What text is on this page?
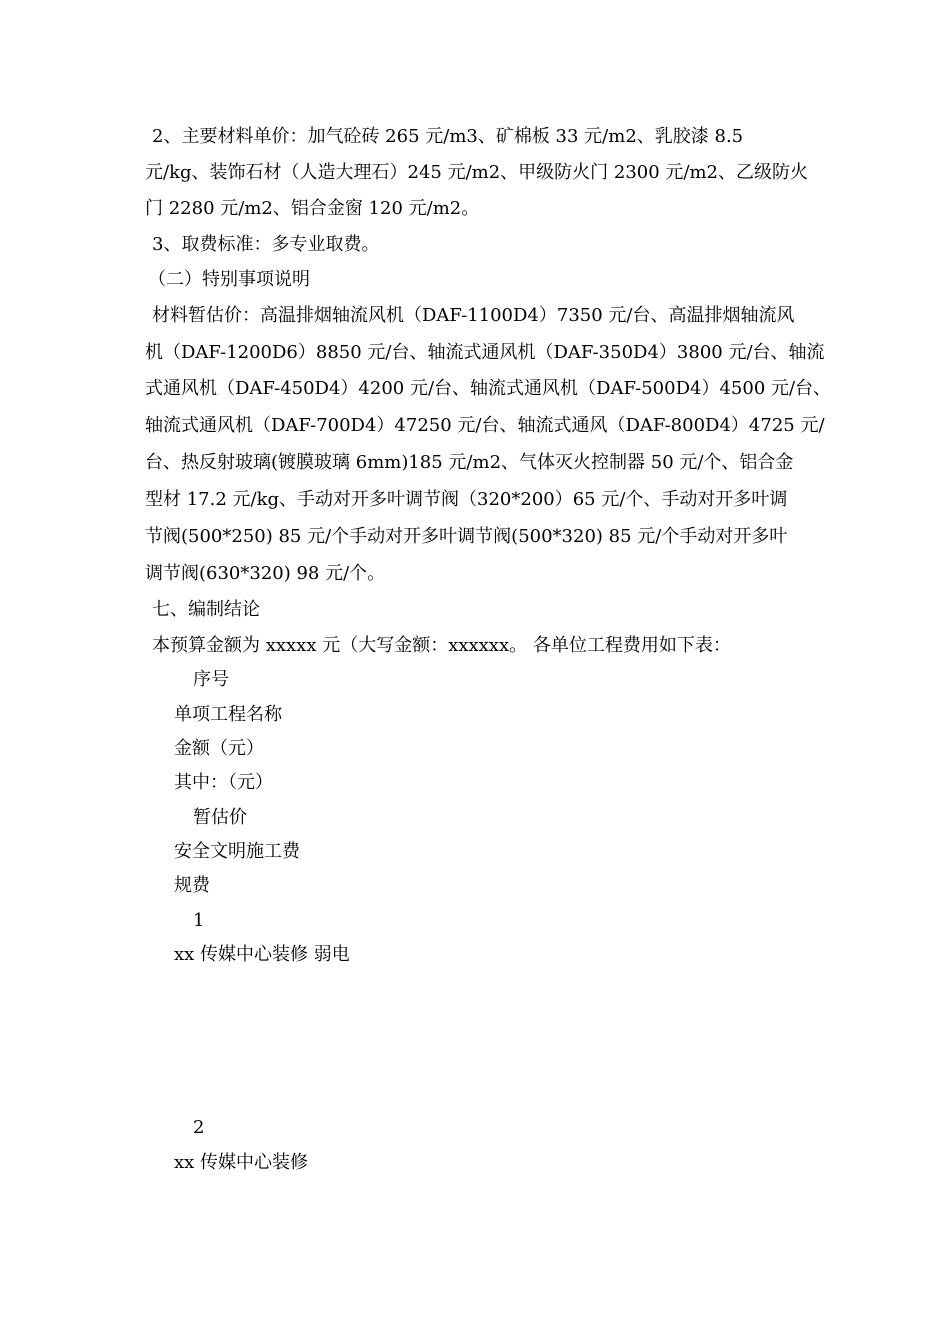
2、主要材料单价：加气砼砖 265 元/m3、矿棉板 33 元/m2、乳胶漆 8.5
元/kg、装饰石材（人造大理石）245 元/m2、甲级防火门 2300 元/m2、乙级防火
门 2280 元/m2、铝合金窗 120 元/m2。
3、取费标准：多专业取费。
（二）特别事项说明
材料暂估价：高温排烟轴流风机（DAF-1100D4）7350 元/台、高温排烟轴流风
机（DAF-1200D6）8850 元/台、轴流式通风机（DAF-350D4）3800 元/台、轴流
式通风机（DAF-450D4）4200 元/台、轴流式通风机（DAF-500D4）4500 元/台、
轴流式通风机（DAF-700D4）47250 元/台、轴流式通风（DAF-800D4）4725 元/
台、热反射玻璃(镀膜玻璃 6mm)185 元/m2、气体灭火控制器 50 元/个、铝合金
型材 17.2 元/kg、手动对开多叶调节阀（320*200）65 元/个、手动对开多叶调
节阀(500*250) 85 元/个手动对开多叶调节阀(500*320) 85 元/个手动对开多叶
调节阀(630*320) 98 元/个。
七、编制结论
本预算金额为 xxxxx 元（大写金额：xxxxxx。 各单位工程费用如下表：
序号
单项工程名称
金额（元）
其中：（元）
暂估价
安全文明施工费
规费
1
xx 传媒中心装修 弱电
2
xx 传媒中心装修
